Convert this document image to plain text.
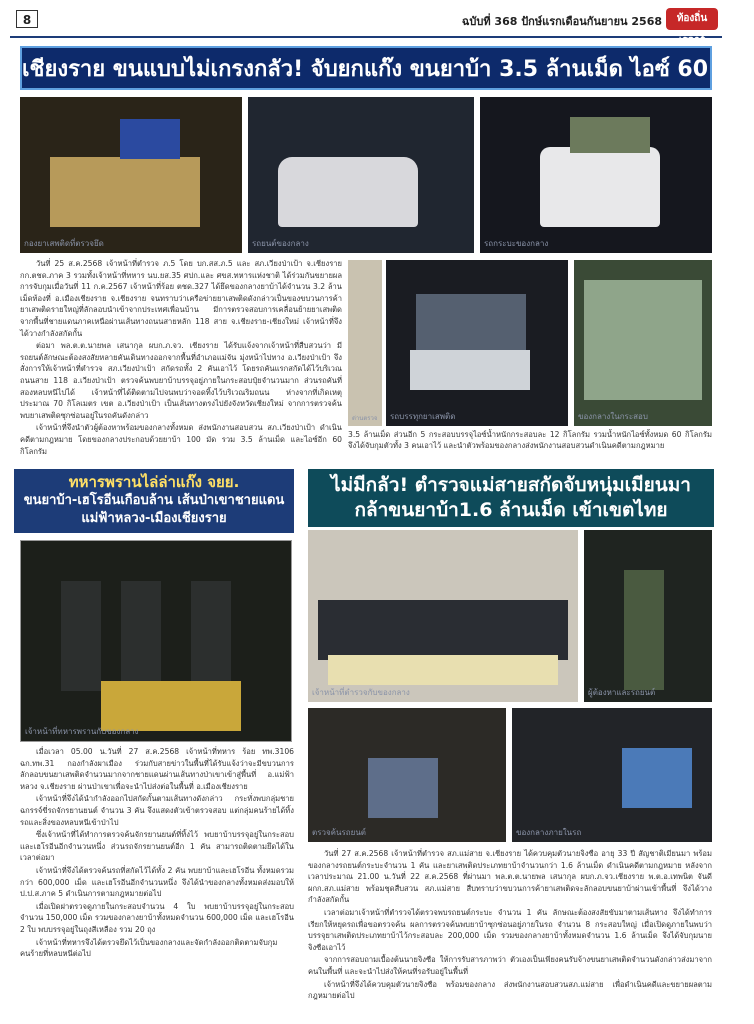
8	ฉบับที่ 368 ปักษ์แรกเดือนกันยายน 2568	ท้องถิ่นเรดาร์
เชียงราย ขนแบบไม่เกรงกลัว! จับยกแก๊ง ขนยาบ้า 3.5 ล้านเม็ด ไอซ์ 60 กิโล
กองยาเสพติดที่ตรวจยึด	รถยนต์ของกลาง	รถกระบะของกลาง

วันที่ 25 ส.ค.2568 เจ้าหน้าที่ตำรวจ ภ.5 โดย บก.สส.ภ.5 และ สภ.เวียงป่าเป้า จ.เชียงราย กก.ตชด.ภาค 3 รวมทั้งเจ้าหน้าที่ทหาร นบ.ยส.35 ศปก.และ ศขส.ทหารแห่งชาติ ได้ร่วมกันขยายผลการจับกุมเมื่อวันที่ 11 ก.ค.2567 เจ้าหน้าที่ร้อย ตชด.327 ได้ยึดของกลางยาบ้าได้จำนวน 3.2 ล้านเม็ดท้องที่ อ.เมืองเชียงราย จ.เชียงราย จนทราบว่าเครือข่ายยาเสพติดดังกล่าวเป็นของขบวนการค้ายาเสพติดรายใหญ่ที่ลักลอบนำเข้าจากประเทศเพื่อนบ้าน มีการตรวจสอบการเคลื่อนย้ายยาเสพติดจากพื้นที่ชายแดนภาคเหนือผ่านเส้นทางถนนสายหลัก 118 สาย จ.เชียงราย-เชียงใหม่ เจ้าหน้าที่จึงได้วางกำลังสกัดกั้น

ต่อมา พล.ต.ต.นายพล เสนากุล ผบก.ภ.จว. เชียงราย ได้รับแจ้งจากเจ้าหน้าที่สืบสวนว่า มีรถยนต์ลักษณะต้องสงสัยหลายคันเดินทางออกจากพื้นที่อำเภอแม่จัน มุ่งหน้าไปทาง อ.เวียงป่าเป้า จึงสั่งการให้เจ้าหน้าที่ตำรวจ สภ.เวียงป่าเป้า สกัดรถทั้ง 2 คันเอาไว้ โดยรถคันแรกสกัดได้ไว้บริเวณถนนสาย 118 อ.เวียงป่าเป้า ตรวจค้นพบยาบ้าบรรจุอยู่ภายในกระสอบปุ๋ยจำนวนมาก ส่วนรถคันที่สองหลบหนีไปได้ เจ้าหน้าที่ได้ติดตามไปจนพบว่าจอดทิ้งไว้บริเวณริมถนน ห่างจากที่เกิดเหตุประมาณ 70 กิโลเมตร เขต อ.เวียงป่าเป้า เป็นเส้นทางตรงไปยังจังหวัดเชียงใหม่ จากการตรวจค้นพบยาเสพติดซุกซ่อนอยู่ในรถคันดังกล่าว

เจ้าหน้าที่จึงนำตัวผู้ต้องหาพร้อมของกลางทั้งหมด ส่งพนักงานสอบสวน สภ.เวียงป่าเป้า ดำเนินคดีตามกฎหมาย โดยของกลางประกอบด้วยยาบ้า 100 มัด รวม 3.5 ล้านเม็ด และไอซ์อีก 60 กิโลกรัม

ด่านตรวจ รถบรรทุกยาเสพติด	ของกลางในกระสอบ
3.5 ล้านเม็ด ส่วนอีก 5 กระสอบบรรจุไอซ์น้ำหนักกระสอบละ 12 กิโลกรัม รวมน้ำหนักไอซ์ทั้งหมด 60 กิโลกรัม จึงได้จับกุมตัวทั้ง 3 คนเอาไว้ และนำตัวพร้อมของกลางส่งพนักงานสอบสวนดำเนินคดีตามกฎหมาย
ทหารพรานไล่ล่าแก๊ง จยย.
ขนยาบ้า-เฮโรอีนเกือบล้าน เส้นป่าเขาชายแดน
แม่ฟ้าหลวง-เมืองเชียงราย
เจ้าหน้าที่ทหารพรานกับของกลาง

เมื่อเวลา 05.00 น.วันที่ 27 ส.ค.2568 เจ้าหน้าที่ทหาร ร้อย ทพ.3106 ฉก.ทพ.31 กองกำลังผาเมือง ร่วมกับสายข่าวในพื้นที่ได้รับแจ้งว่าจะมีขบวนการลักลอบขนยาเสพติดจำนวนมากจากชายแดนผ่านเส้นทางป่าเขาเข้าสู่พื้นที่ อ.แม่ฟ้าหลวง จ.เชียงราย ผ่านป่าเขาเพื่อจะนำไปส่งต่อในพื้นที่ อ.เมืองเชียงราย

เจ้าหน้าที่จึงได้นำกำลังออกไปสกัดกั้นตามเส้นทางดังกล่าว กระทั่งพบกลุ่มชายฉกรรจ์ขี่รถจักรยานยนต์ จำนวน 3 คัน จึงแสดงตัวเข้าตรวจสอบ แต่กลุ่มคนร้ายได้ทิ้งรถและสิ่งของหลบหนีเข้าป่าไป

ซึ่งเจ้าหน้าที่ได้ทำการตรวจค้นจักรยานยนต์ที่ทิ้งไว้ พบยาบ้าบรรจุอยู่ในกระสอบ และเฮโรอีนอีกจำนวนหนึ่ง ส่วนรถจักรยานยนต์อีก 1 คัน สามารถติดตามยึดได้ในเวลาต่อมา

เจ้าหน้าที่จึงได้ตรวจค้นรถที่สกัดไว้ได้ทั้ง 2 คัน พบยาบ้าและเฮโรอีน ทั้งหมดรวมกว่า 600,000 เม็ด และเฮโรอีนอีกจำนวนหนึ่ง จึงได้นำของกลางทั้งหมดส่งมอบให้ ป.ป.ส.ภาค 5 ดำเนินการตามกฎหมายต่อไป

เมื่อเปิดฝาตรวจดูภายในกระสอบจำนวน 4 ใบ พบยาบ้าบรรจุอยู่ในกระสอบจำนวน 150,000 เม็ด รวมของกลางยาบ้าทั้งหมดจำนวน 600,000 เม็ด และเฮโรอีน 2 ใบ พบบรรจุอยู่ในถุงสีเหลือง รวม 20 ถุง

เจ้าหน้าที่ทหารจึงได้ตรวจยึดไว้เป็นของกลางและจัดกำลังออกติดตามจับกุมคนร้ายที่หลบหนีต่อไป

ไม่มีกลัว! ตำรวจแม่สายสกัดจับหนุ่มเมียนมา
กล้าขนยาบ้า1.6 ล้านเม็ด เข้าเขตไทย
เจ้าหน้าที่ตำรวจกับของกลาง	ผู้ต้องหาและรถยนต์
ตรวจค้นรถยนต์	ของกลางภายในรถ

วันที่ 27 ส.ค.2568 เจ้าหน้าที่ตำรวจ สภ.แม่สาย จ.เชียงราย ได้ควบคุมตัวนายจิงซือ อายุ 33 ปี สัญชาติเมียนมา พร้อมของกลางรถยนต์กระบะจำนวน 1 คัน และยาเสพติดประเภทยาบ้าจำนวนกว่า 1.6 ล้านเม็ด ดำเนินคดีตามกฎหมาย หลังจากเวลาประมาณ 21.00 น.วันที่ 22 ส.ค.2568 ที่ผ่านมา พล.ต.ต.นายพล เสนากุล ผบก.ภ.จว.เชียงราย พ.ต.อ.เทพนิต จันดี ผกก.สภ.แม่สาย พร้อมชุดสืบสวน สภ.แม่สาย สืบทราบว่าขบวนการค้ายาเสพติดจะลักลอบขนยาบ้าผ่านเข้าพื้นที่ จึงได้วางกำลังสกัดกั้น

เวลาต่อมาเจ้าหน้าที่ตำรวจได้ตรวจพบรถยนต์กระบะ จำนวน 1 คัน ลักษณะต้องสงสัยขับมาตามเส้นทาง จึงได้ทำการเรียกให้หยุดรถเพื่อขอตรวจค้น ผลการตรวจค้นพบยาบ้าซุกซ่อนอยู่ภายในรถ จำนวน 8 กระสอบใหญ่ เมื่อเปิดดูภายในพบว่าบรรจุยาเสพติดประเภทยาบ้าไว้กระสอบละ 200,000 เม็ด รวมของกลางยาบ้าทั้งหมดจำนวน 1.6 ล้านเม็ด จึงได้จับกุมนายจิงซือเอาไว้

จากการสอบถามเบื้องต้นนายจิงซือ ให้การรับสารภาพว่า ตัวเองเป็นเพียงคนรับจ้างขนยาเสพติดจำนวนดังกล่าวส่งมาจากคนในพื้นที่ และจะนำไปส่งให้คนที่รอรับอยู่ในพื้นที่

เจ้าหน้าที่จึงได้ควบคุมตัวนายจิงซือ พร้อมของกลาง ส่งพนักงานสอบสวนสภ.แม่สาย เพื่อดำเนินคดีและขยายผลตามกฎหมายต่อไป
